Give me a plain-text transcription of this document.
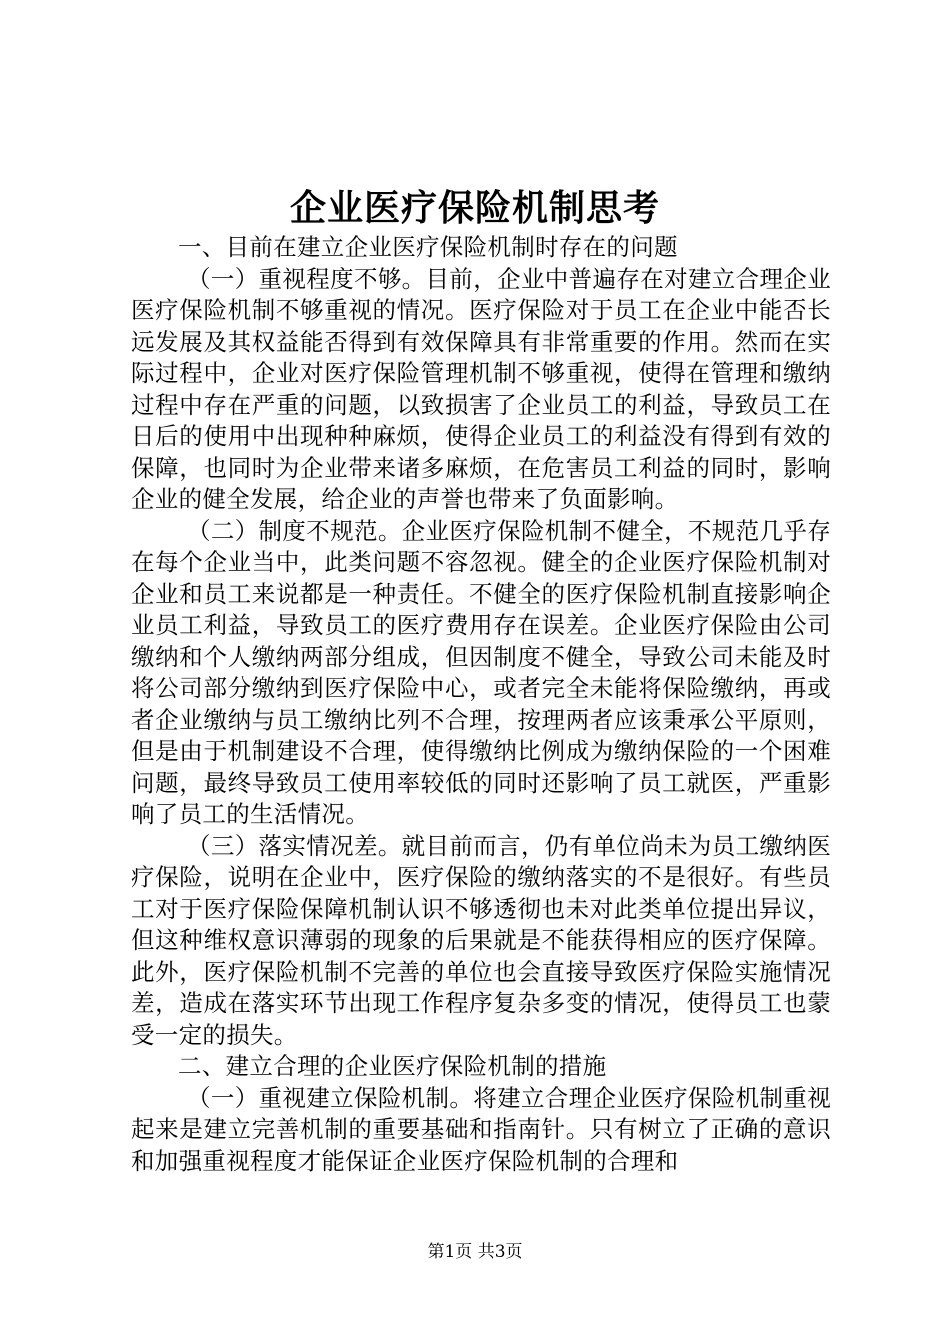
企业医疗保险机制思考

一、目前在建立企业医疗保险机制时存在的问题

（一）重视程度不够。目前，企业中普遍存在对建立合理企业医疗保险机制不够重视的情况。医疗保险对于员工在企业中能否长远发展及其权益能否得到有效保障具有非常重要的作用。然而在实际过程中，企业对医疗保险管理机制不够重视，使得在管理和缴纳过程中存在严重的问题，以致损害了企业员工的利益，导致员工在日后的使用中出现种种麻烦，使得企业员工的利益没有得到有效的保障，也同时为企业带来诸多麻烦，在危害员工利益的同时，影响企业的健全发展，给企业的声誉也带来了负面影响。

（二）制度不规范。企业医疗保险机制不健全，不规范几乎存在每个企业当中，此类问题不容忽视。健全的企业医疗保险机制对企业和员工来说都是一种责任。不健全的医疗保险机制直接影响企业员工利益，导致员工的医疗费用存在误差。企业医疗保险由公司缴纳和个人缴纳两部分组成，但因制度不健全，导致公司未能及时将公司部分缴纳到医疗保险中心，或者完全未能将保险缴纳，再或者企业缴纳与员工缴纳比列不合理，按理两者应该秉承公平原则，但是由于机制建设不合理，使得缴纳比例成为缴纳保险的一个困难问题，最终导致员工使用率较低的同时还影响了员工就医，严重影响了员工的生活情况。

（三）落实情况差。就目前而言，仍有单位尚未为员工缴纳医疗保险，说明在企业中，医疗保险的缴纳落实的不是很好。有些员工对于医疗保险保障机制认识不够透彻也未对此类单位提出异议，但这种维权意识薄弱的现象的后果就是不能获得相应的医疗保障。此外，医疗保险机制不完善的单位也会直接导致医疗保险实施情况差，造成在落实环节出现工作程序复杂多变的情况，使得员工也蒙受一定的损失。

二、建立合理的企业医疗保险机制的措施

（一）重视建立保险机制。将建立合理企业医疗保险机制重视起来是建立完善机制的重要基础和指南针。只有树立了正确的意识和加强重视程度才能保证企业医疗保险机制的合理和

第1页 共3页
